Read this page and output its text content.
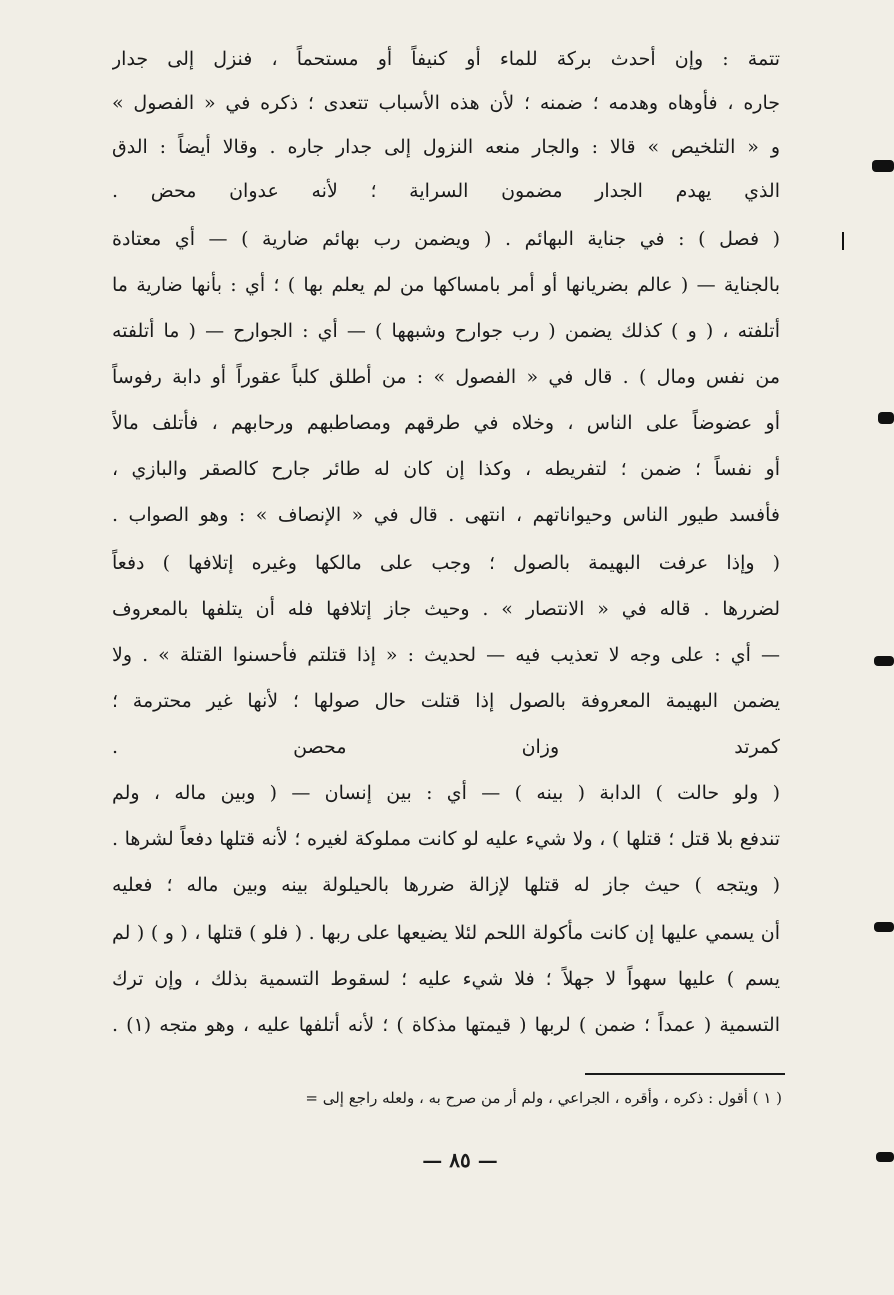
تتمة : وإن أحدث بركة للماء أو كنيفاً أو مستحماً ، فنزل إلى جدار
جاره ، فأوهاه وهدمه ؛ ضمنه ؛ لأن هذه الأسباب تتعدى ؛ ذكره في « الفصول »
و « التلخيص » قالا : والجار منعه النزول إلى جدار جاره . وقالا أيضاً : الدق
الذي يهدم الجدار مضمون السراية ؛ لأنه عدوان محض .
( فصل ) : في جناية البهائم . ( ويضمن رب بهائم ضارية ) — أي معتادة
بالجناية — ( عالم بضريانها أو أمر بامساكها من لم يعلم بها ) ؛ أي : بأنها ضارية ما
أتلفته ، ( و ) كذلك يضمن ( رب جوارح وشبهها ) — أي : الجوارح — ( ما أتلفته
من نفس ومال ) . قال في « الفصول » : من أطلق كلباً عقوراً أو دابة رفوساً
أو عضوضاً على الناس ، وخلاه في طرقهم ومصاطبهم ورحابهم ، فأتلف مالاً
أو نفساً ؛ ضمن ؛ لتفريطه ، وكذا إن كان له طائر جارح كالصقر والبازي ،
فأفسد طيور الناس وحيواناتهم ، انتهى . قال في « الإنصاف » : وهو الصواب .
( وإذا عرفت البهيمة بالصول ؛ وجب على مالكها وغيره إتلافها ) دفعاً
لضررها . قاله في « الانتصار » . وحيث جاز إتلافها فله أن يتلفها بالمعروف
— أي : على وجه لا تعذيب فيه — لحديث : « إذا قتلتم فأحسنوا القتلة » . ولا
يضمن البهيمة المعروفة بالصول إذا قتلت حال صولها ؛ لأنها غير محترمة ؛
كمرتد وزان محصن .
( ولو حالت ) الدابة ( بينه ) — أي : بين إنسان — ( وبين ماله ، ولم
تندفع بلا قتل ؛ قتلها ) ، ولا شيء عليه لو كانت مملوكة لغيره ؛ لأنه قتلها دفعاً لشرها .
( ويتجه ) حيث جاز له قتلها لإزالة ضررها بالحيلولة بينه وبين ماله ؛ فعليه
أن يسمي عليها إن كانت مأكولة اللحم لئلا يضيعها على ربها . ( فلو ) قتلها ، ( و ) ( لم
يسم ) عليها سهواً لا جهلاً ؛ فلا شيء عليه ؛ لسقوط التسمية بذلك ، وإن ترك
التسمية ( عمداً ؛ ضمن ) لربها ( قيمتها مذكاة ) ؛ لأنه أتلفها عليه ، وهو متجه (١) .
( ١ ) أقول : ذكره ، وأقره ، الجراعي ، ولم أر من صرح به ، ولعله راجع إلى =
— ٨٥ —
